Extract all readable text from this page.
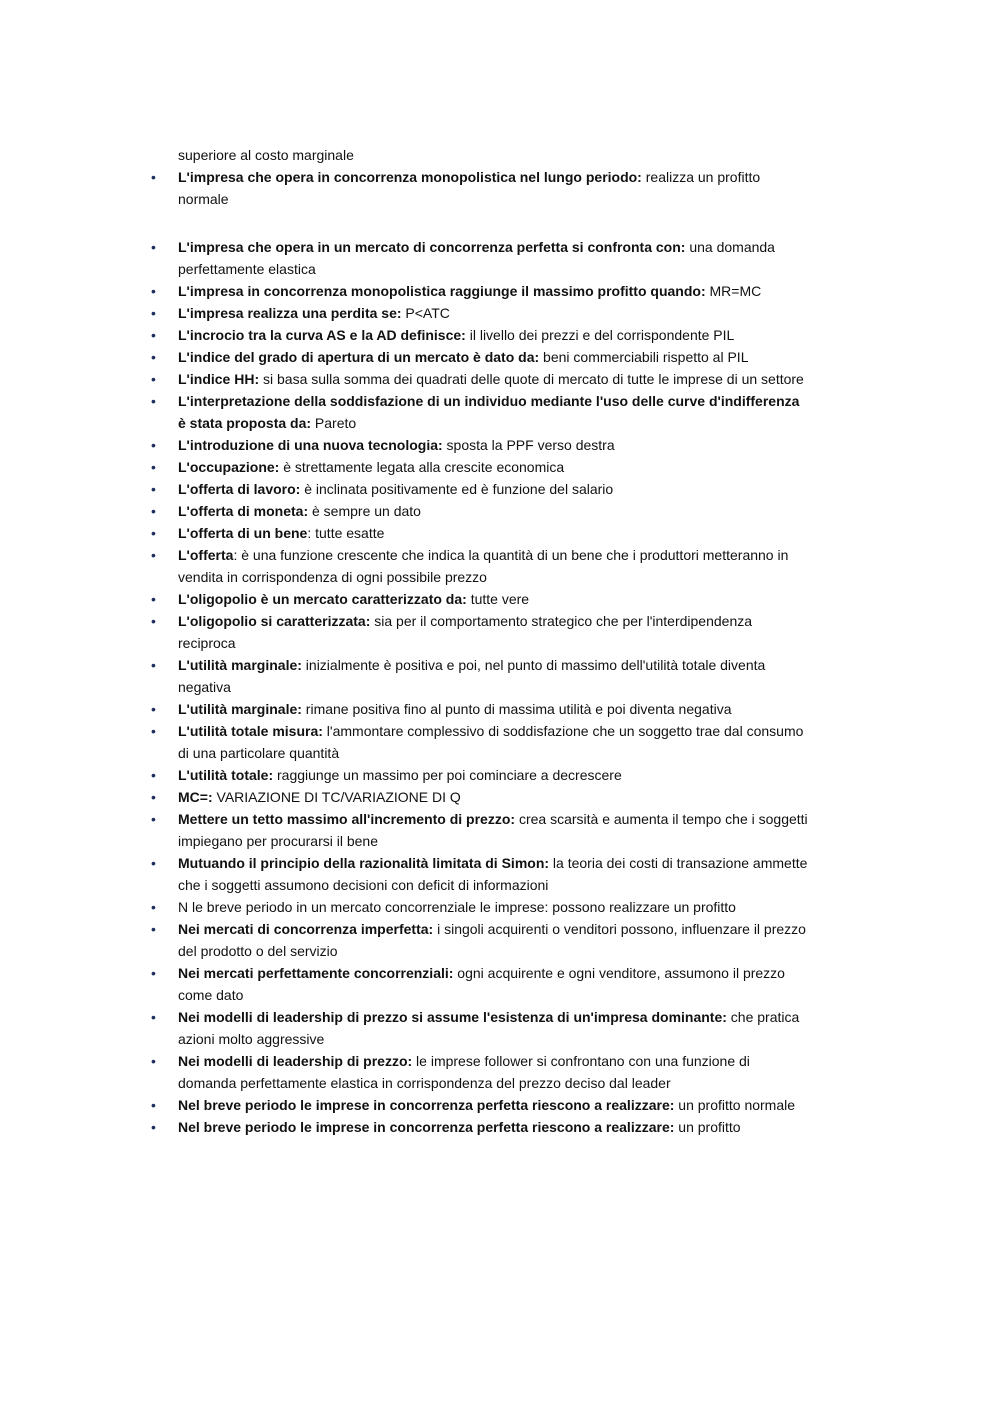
superiore al costo marginale
• L'impresa che opera in concorrenza monopolistica nel lungo periodo: realizza un profitto normale
• L'impresa che opera in un mercato di concorrenza perfetta si confronta con: una domanda perfettamente elastica
• L'impresa in concorrenza monopolistica raggiunge il massimo profitto quando: MR=MC
• L'impresa realizza una perdita se: P<ATC
• L'incrocio tra la curva AS e la AD definisce: il livello dei prezzi e del corrispondente PIL
• L'indice del grado di apertura di un mercato è dato da: beni commerciabili rispetto al PIL
• L'indice HH: si basa sulla somma dei quadrati delle quote di mercato di tutte le imprese di un settore
• L'interpretazione della soddisfazione di un individuo mediante l'uso delle curve d'indifferenza è stata proposta da: Pareto
• L'introduzione di una nuova tecnologia: sposta la PPF verso destra
• L'occupazione: è strettamente legata alla crescite economica
• L'offerta di lavoro: è inclinata positivamente ed è funzione del salario
• L'offerta di moneta: è sempre un dato
• L'offerta di un bene: tutte esatte
• L'offerta: è una funzione crescente che indica la quantità di un bene che i produttori metteranno in vendita in corrispondenza di ogni possibile prezzo
• L'oligopolio è un mercato caratterizzato da: tutte vere
• L'oligopolio si caratterizzata: sia per il comportamento strategico che per l'interdipendenza reciproca
• L'utilità marginale: inizialmente è positiva e poi, nel punto di massimo dell'utilità totale diventa negativa
• L'utilità marginale: rimane positiva fino al punto di massima utilità e poi diventa negativa
• L'utilità totale misura: l'ammontare complessivo di soddisfazione che un soggetto trae dal consumo di una particolare quantità
• L'utilità totale: raggiunge un massimo per poi cominciare a decrescere
• MC=: VARIAZIONE DI TC/VARIAZIONE DI Q
• Mettere un tetto massimo all'incremento di prezzo: crea scarsità e aumenta il tempo che i soggetti impiegano per procurarsi il bene
• Mutuando il principio della razionalità limitata di Simon: la teoria dei costi di transazione ammette che i soggetti assumono decisioni con deficit di informazioni
• N le breve periodo in un mercato concorrenziale le imprese: possono realizzare un profitto
• Nei mercati di concorrenza imperfetta: i singoli acquirenti o venditori possono, influenzare il prezzo del prodotto o del servizio
• Nei mercati perfettamente concorrenziali: ogni acquirente e ogni venditore, assumono il prezzo come dato
• Nei modelli di leadership di prezzo si assume l'esistenza di un'impresa dominante: che pratica azioni molto aggressive
• Nei modelli di leadership di prezzo: le imprese follower si confrontano con una funzione di domanda perfettamente elastica in corrispondenza del prezzo deciso dal leader
• Nel breve periodo le imprese in concorrenza perfetta riescono a realizzare: un profitto normale
• Nel breve periodo le imprese in concorrenza perfetta riescono a realizzare: un profitto
